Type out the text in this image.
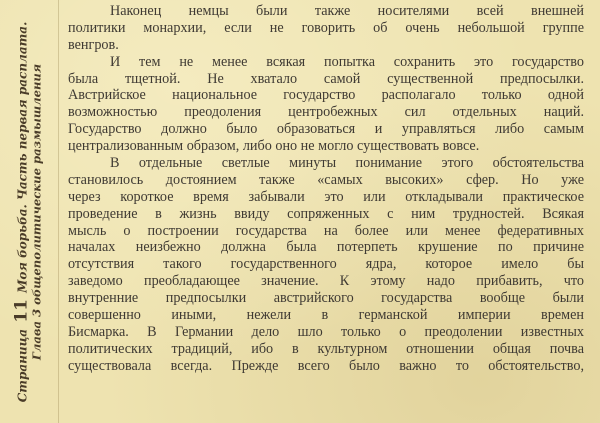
Страница 11 Моя борьба. Часть первая расплата. Глава 3 общеполитические размышления
Наконец немцы были также носителями всей внешней
политики монархии, если не говорить об очень небольшой группе
венгров.
И тем не менее всякая попытка сохранить это государство
была тщетной. Не хватало самой существенной предпосылки.
Австрийское национальное государство располагало только одной
возможностью преодоления центробежных сил отдельных наций.
Государство должно было образоваться и управляться либо самым
централизованным образом, либо оно не могло существовать вовсе.
В отдельные светлые минуты понимание этого обстоятельства
становилось достоянием также «самых высоких» сфер. Но уже
через короткое время забывали это или откладывали практическое
проведение в жизнь ввиду сопряженных с ним трудностей. Всякая
мысль о построении государства на более или менее федеративных
началах неизбежно должна была потерпеть крушение по причине
отсутствия такого государственного ядра, которое имело бы
заведомо преобладающее значение. К этому надо прибавить, что
внутренние предпосылки австрийского государства вообще были
совершенно иными, нежели в германской империи времен
Бисмарка. В Германии дело шло только о преодолении известных
политических традиций, ибо в культурном отношении общая почва
существовала всегда. Прежде всего было важно то обстоятельство,
